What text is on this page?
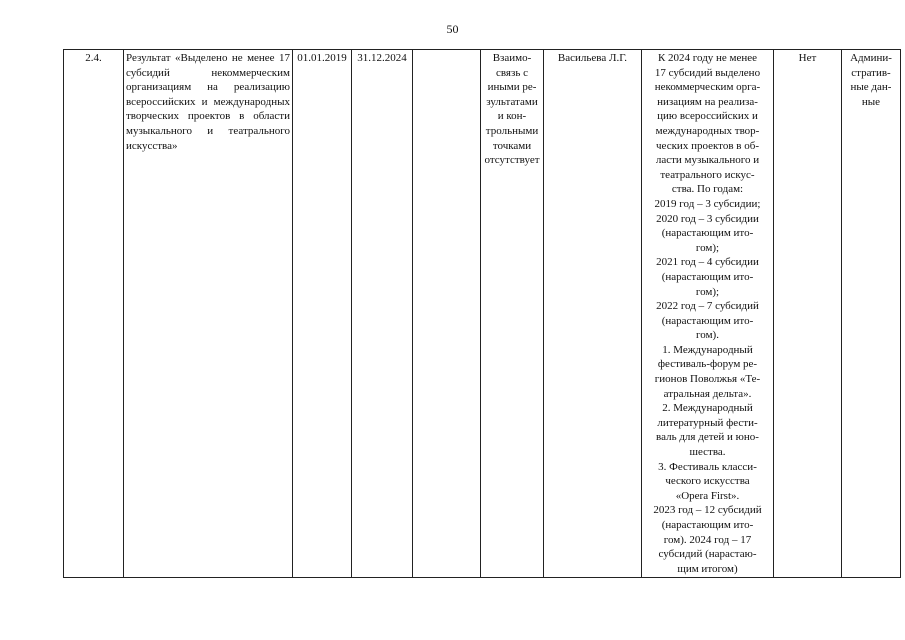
50
2.4.	Результат «Выделено не менее 17 субсидий некоммерческим организациям на реализацию всероссийских и международных творческих проектов в области музыкального и театрального искусства»	01.01.2019	31.12.2024		Взаимо-
связь с
иными ре-
зультатами
и кон-
трольными
точками
отсутствует
	Васильева Л.Г.	К 2024 году не менее
17 субсидий выделено
некоммерческим орга-
низациям на реализа-
цию всероссийских и
международных твор-
ческих проектов в об-
ласти музыкального и
театрального искус-
ства. По годам:
2019 год – 3 субсидии;
2020 год – 3 субсидии
(нарастающим ито-
гом);
2021 год – 4 субсидии
(нарастающим ито-
гом);
2022 год – 7 субсидий
(нарастающим ито-
гом).
1. Международный
фестиваль-форум ре-
гионов Поволжья «Те-
атральная дельта».
2. Международный
литературный фести-
валь для детей и юно-
шества.
3. Фестиваль класси-
ческого искусства
«Opera First».
2023 год – 12 субсидий
(нарастающим ито-
гом). 2024 год – 17
субсидий (нарастаю-
щим итогом)
	Нет	Админи-
стратив-
ные дан-
ные
